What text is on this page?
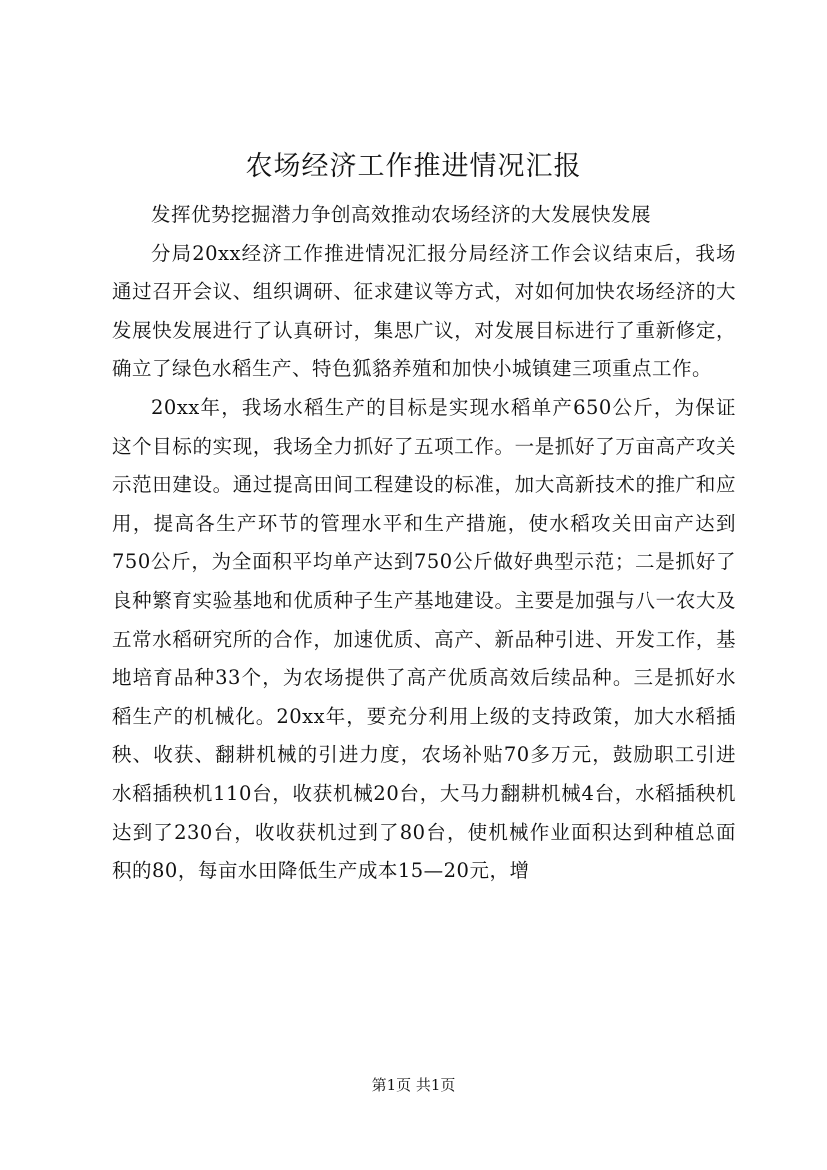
农场经济工作推进情况汇报

发挥优势挖掘潜力争创高效推动农场经济的大发展快发展

分局20xx经济工作推进情况汇报分局经济工作会议结束后，我场通过召开会议、组织调研、征求建议等方式，对如何加快农场经济的大发展快发展进行了认真研讨，集思广议，对发展目标进行了重新修定，确立了绿色水稻生产、特色狐貉养殖和加快小城镇建三项重点工作。

20xx年，我场水稻生产的目标是实现水稻单产650公斤，为保证这个目标的实现，我场全力抓好了五项工作。一是抓好了万亩高产攻关示范田建设。通过提高田间工程建设的标准，加大高新技术的推广和应用，提高各生产环节的管理水平和生产措施，使水稻攻关田亩产达到750公斤，为全面积平均单产达到750公斤做好典型示范；二是抓好了良种繁育实验基地和优质种子生产基地建设。主要是加强与八一农大及五常水稻研究所的合作，加速优质、高产、新品种引进、开发工作，基地培育品种33个，为农场提供了高产优质高效后续品种。三是抓好水稻生产的机械化。20xx年，要充分利用上级的支持政策，加大水稻插秧、收获、翻耕机械的引进力度，农场补贴70多万元，鼓励职工引进水稻插秧机110台，收获机械20台，大马力翻耕机械4台，水稻插秧机达到了230台，收收获机过到了80台，使机械作业面积达到种植总面积的80，每亩水田降低生产成本15—20元，增

第1页 共1页
